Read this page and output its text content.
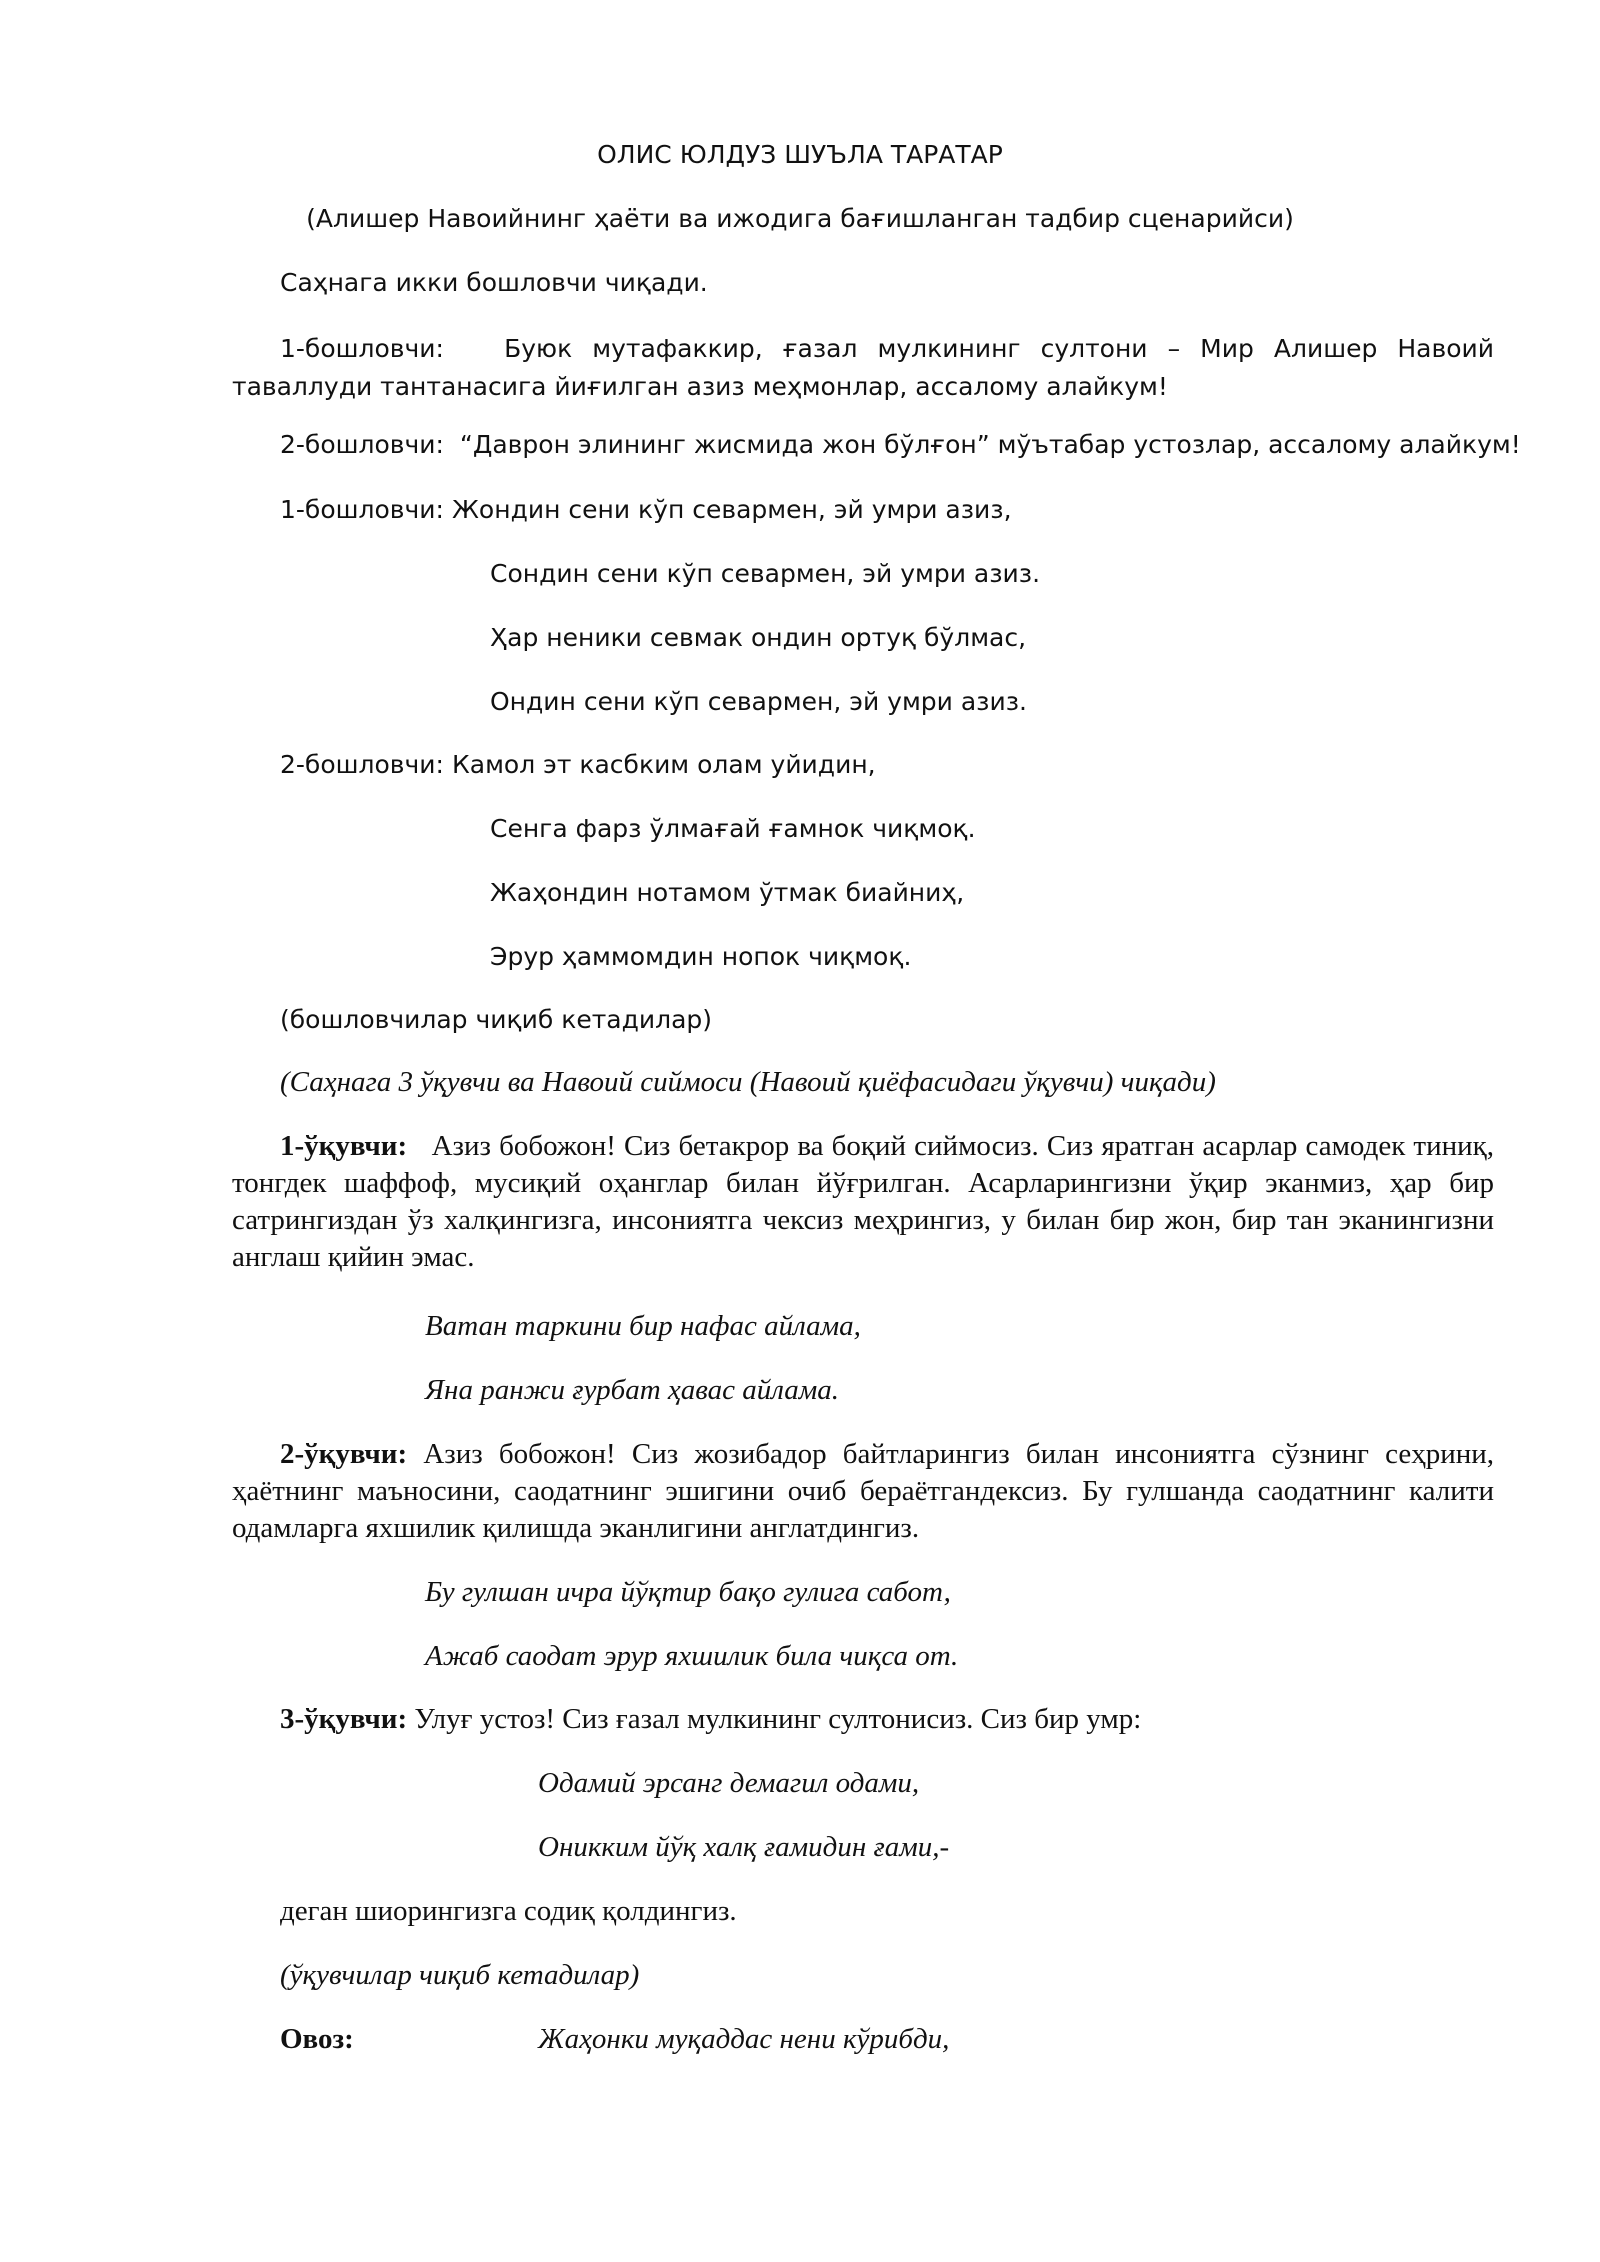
ОЛИС ЮЛДУЗ ШУЪЛА ТАРАТАР
(Алишер Навоийнинг ҳаёти ва ижодига бағишланган тадбир сценарийси)
Саҳнага икки бошловчи чиқади.
1-бошловчи: Буюк мутафаккир, ғазал мулкининг султони – Мир Алишер Навоий таваллуди тантанасига йиғилган азиз меҳмонлар, ассалому алайкум!
2-бошловчи: “Даврон элининг жисмида жон бўлғон” мўътабар устозлар, ассалому алайкум!
1-бошловчи: Жондин сени кўп севармен, эй умри азиз,
Сондин сени кўп севармен, эй умри азиз.
Ҳар неники севмак ондин ортуқ бўлмас,
Ондин сени кўп севармен, эй умри азиз.
2-бошловчи: Камол эт касбким олам уйидин,
Сенга фарз ўлмағай ғамнок чиқмоқ.
Жаҳондин нотамом ўтмак биайниҳ,
Эрур ҳаммомдин нопок чиқмоқ.
(бошловчилар чиқиб кетадилар)
(Саҳнага 3 ўқувчи ва Навоий сиймоси (Навоий қиёфасидаги ўқувчи) чиқади)
1-ўқувчи: Азиз бобожон! Сиз бетакрор ва боқий сиймосиз. Сиз яратган асарлар самодек тиниқ, тонгдек шаффоф, мусиқий оҳанглар билан йўғрилган. Асарларингизни ўқир эканмиз, ҳар бир сатрингиздан ўз халқингизга, инсониятга чексиз меҳрингиз, у билан бир жон, бир тан эканингизни англаш қийин эмас.
Ватан таркини бир нафас айлама,
Яна ранжи ғурбат ҳавас айлама.
2-ўқувчи: Азиз бобожон! Сиз жозибадор байтларингиз билан инсониятга сўзнинг сеҳрини, ҳаётнинг маъносини, саодатнинг эшигини очиб бераётгандексиз. Бу гулшанда саодатнинг калити одамларга яхшилик қилишда эканлигини англатдингиз.
Бу гулшан ичра йўқтир бақо гулига сабот,
Ажаб саодат эрур яхшилик била чиқса от.
3-ўқувчи: Улуғ устоз! Сиз ғазал мулкининг султонисиз. Сиз бир умр:
Одамий эрсанг демагил одами,
Оникким йўқ халқ ғамидин ғами,-
деган шиорингизга содиқ қолдингиз.
(ўқувчилар чиқиб кетадилар)
Овоз:	Жаҳонки муқаддас нени кўрибди,
